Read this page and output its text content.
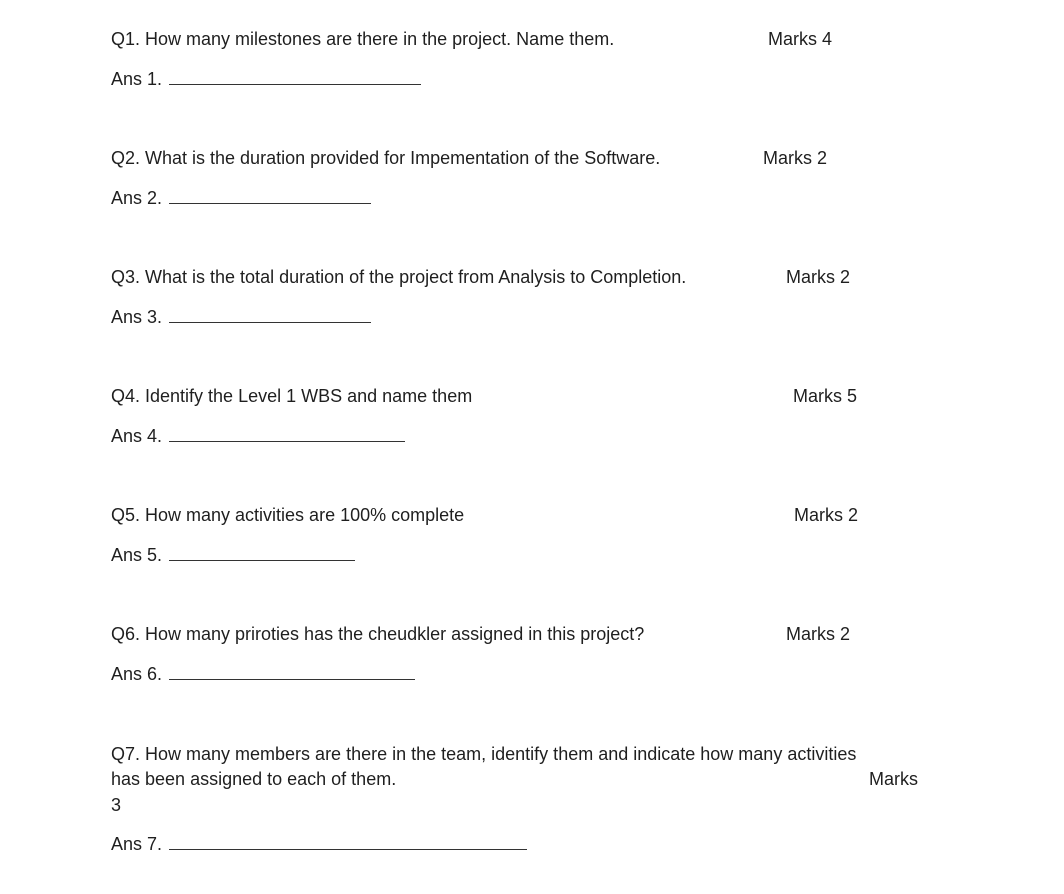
Q1. How many milestones are there in the project. Name them.	Marks 4
Ans 1.
Q2. What is the duration provided for Impementation of the Software.	Marks 2
Ans 2.
Q3. What is the total duration of the project from Analysis to Completion.	Marks 2
Ans 3.
Q4. Identify the Level 1 WBS and name them	Marks 5
Ans 4.
Q5. How many activities are 100% complete	Marks 2
Ans 5.
Q6. How many priroties has the cheudkler assigned in this project?	Marks 2
Ans 6.
Q7. How many members are there in the team, identify them and indicate how many activities
has been assigned to each of them.	Marks
3
Ans 7.
